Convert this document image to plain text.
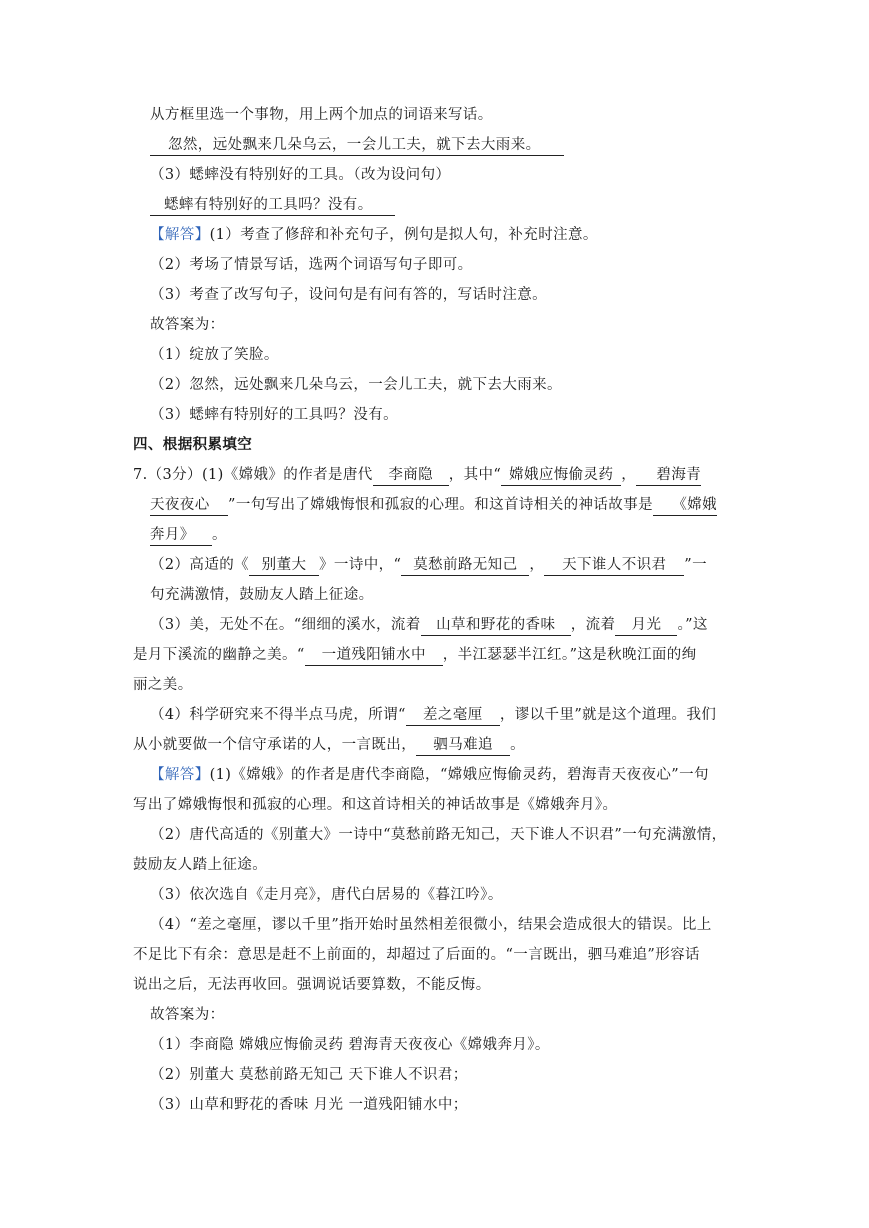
从方框里选一个事物，用上两个加点的词语来写话。
忽然，远处飘来几朵乌云，一会儿工夫，就下去大雨来。
（3）蟋蟀没有特别好的工具。（改为设问句）
蟋蟀有特别好的工具吗？没有。
【解答】(1）考查了修辞和补充句子，例句是拟人句，补充时注意。
（2）考场了情景写话，选两个词语写句子即可。
（3）考查了改写句子，设问句是有问有答的，写话时注意。
故答案为：
（1）绽放了笑脸。
（2）忽然，远处飘来几朵乌云，一会儿工夫，就下去大雨来。
（3）蟋蟀有特别好的工具吗？没有。
四、根据积累填空
7.（3分）(1)《嫦娥》的作者是唐代 李商隐 ，其中“ 嫦娥应悔偷灵药 ， 碧海青
天夜夜心 ”一句写出了嫦娥悔恨和孤寂的心理。和这首诗相关的神话故事是 《嫦娥
奔月》 。
（2）高适的《 别董大 》一诗中，“ 莫愁前路无知己 ， 天下谁人不识君 ”一
句充满激情，鼓励友人踏上征途。
（3）美，无处不在。“细细的溪水，流着 山草和野花的香味 ，流着 月光 。”这
是月下溪流的幽静之美。“ 一道残阳铺水中 ，半江瑟瑟半江红。”这是秋晚江面的绚
丽之美。
（4）科学研究来不得半点马虎，所谓“ 差之毫厘 ，谬以千里”就是这个道理。我们
从小就要做一个信守承诺的人，一言既出， 驷马难追 。
【解答】(1)《嫦娥》的作者是唐代李商隐，“嫦娥应悔偷灵药，碧海青天夜夜心”一句
写出了嫦娥悔恨和孤寂的心理。和这首诗相关的神话故事是《嫦娥奔月》。
（2）唐代高适的《别董大》一诗中“莫愁前路无知己，天下谁人不识君”一句充满激情，
鼓励友人踏上征途。
（3）依次选自《走月亮》，唐代白居易的《暮江吟》。
（4）“差之毫厘，谬以千里”指开始时虽然相差很微小，结果会造成很大的错误。比上
不足比下有余：意思是赶不上前面的，却超过了后面的。“一言既出，驷马难追”形容话
说出之后，无法再收回。强调说话要算数，不能反悔。
故答案为：
（1）李商隐 嫦娥应悔偷灵药 碧海青天夜夜心《嫦娥奔月》。
（2）别董大 莫愁前路无知己 天下谁人不识君；
（3）山草和野花的香味 月光 一道残阳铺水中；
